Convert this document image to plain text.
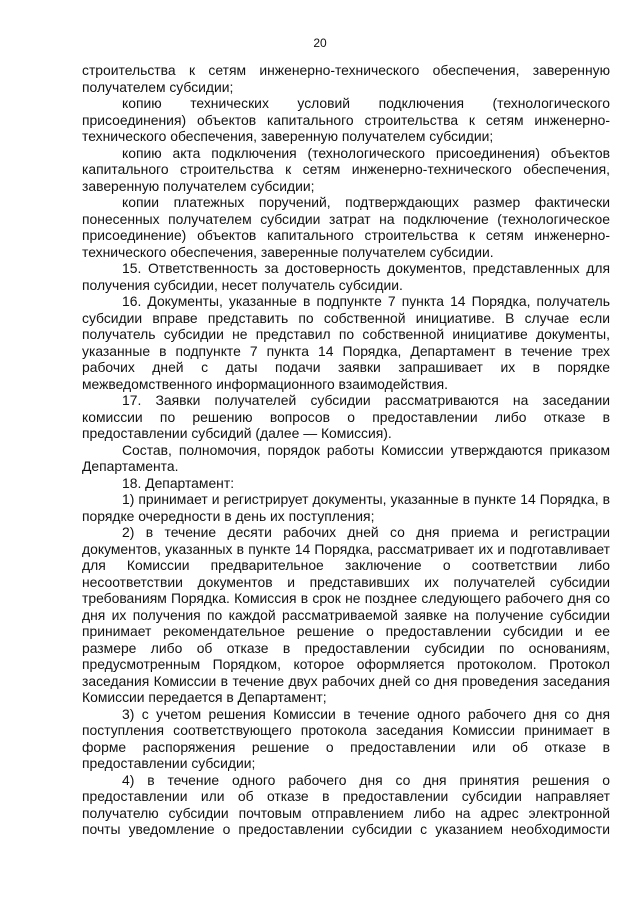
20

строительства к сетям инженерно-технического обеспечения, заверенную получателем субсидии;

копию технических условий подключения (технологического присоединения) объектов капитального строительства к сетям инженерно-технического обеспечения, заверенную получателем субсидии;

копию акта подключения (технологического присоединения) объектов капитального строительства к сетям инженерно-технического обеспечения, заверенную получателем субсидии;

копии платежных поручений, подтверждающих размер фактически понесенных получателем субсидии затрат на подключение (технологическое присоединение) объектов капитального строительства к сетям инженерно-технического обеспечения, заверенные получателем субсидии.

15. Ответственность за достоверность документов, представленных для получения субсидии, несет получатель субсидии.

16. Документы, указанные в подпункте 7 пункта 14 Порядка, получатель субсидии вправе представить по собственной инициативе. В случае если получатель субсидии не представил по собственной инициативе документы, указанные в подпункте 7 пункта 14 Порядка, Департамент в течение трех рабочих дней с даты подачи заявки запрашивает их в порядке межведомственного информационного взаимодействия.

17. Заявки получателей субсидии рассматриваются на заседании комиссии по решению вопросов о предоставлении либо отказе в предоставлении субсидий (далее — Комиссия).

Состав, полномочия, порядок работы Комиссии утверждаются приказом Департамента.

18. Департамент:

1) принимает и регистрирует документы, указанные в пункте 14 Порядка, в порядке очередности в день их поступления;

2) в течение десяти рабочих дней со дня приема и регистрации документов, указанных в пункте 14 Порядка, рассматривает их и подготавливает для Комиссии предварительное заключение о соответствии либо несоответствии документов и представивших их получателей субсидии требованиям Порядка. Комиссия в срок не позднее следующего рабочего дня со дня их получения по каждой рассматриваемой заявке на получение субсидии принимает рекомендательное решение о предоставлении субсидии и ее размере либо об отказе в предоставлении субсидии по основаниям, предусмотренным Порядком, которое оформляется протоколом. Протокол заседания Комиссии в течение двух рабочих дней со дня проведения заседания Комиссии передается в Департамент;

3) с учетом решения Комиссии в течение одного рабочего дня со дня поступления соответствующего протокола заседания Комиссии принимает в форме распоряжения решение о предоставлении или об отказе в предоставлении субсидии;

4) в течение одного рабочего дня со дня принятия решения о предоставлении или об отказе в предоставлении субсидии направляет получателю субсидии почтовым отправлением либо на адрес электронной почты уведомление о предоставлении субсидии с указанием необходимости
